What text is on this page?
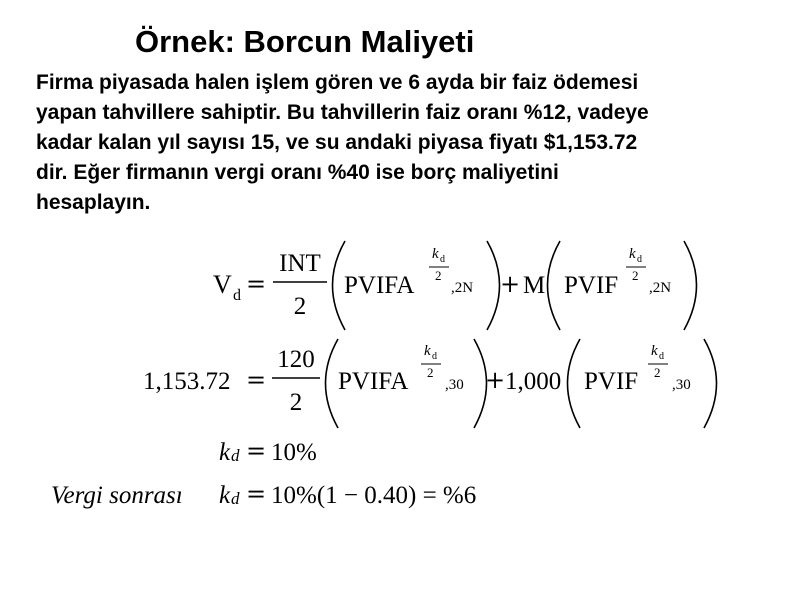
Örnek: Borcun Maliyeti
Firma piyasada halen işlem gören ve 6 ayda bir faiz ödemesi
yapan tahvillere sahiptir. Bu tahvillerin faiz oranı %12, vadeye
kadar kalan yıl sayısı 15, ve su andaki piyasa fiyatı $1,153.72
dir. Eğer firmanın vergi oranı %40 ise borç maliyetini
hesaplayın.
V d =
INT
2
PVIFA
k d
2
,2N + M PVIF
k d
2
,2N
1,153.72 =
120
2
PVIFA
k d
2
,30 + 1,000 PVIF
k d
2
,30
k d = 10%
Vergi sonrası k d = 10%(1 − 0.40) = %6
